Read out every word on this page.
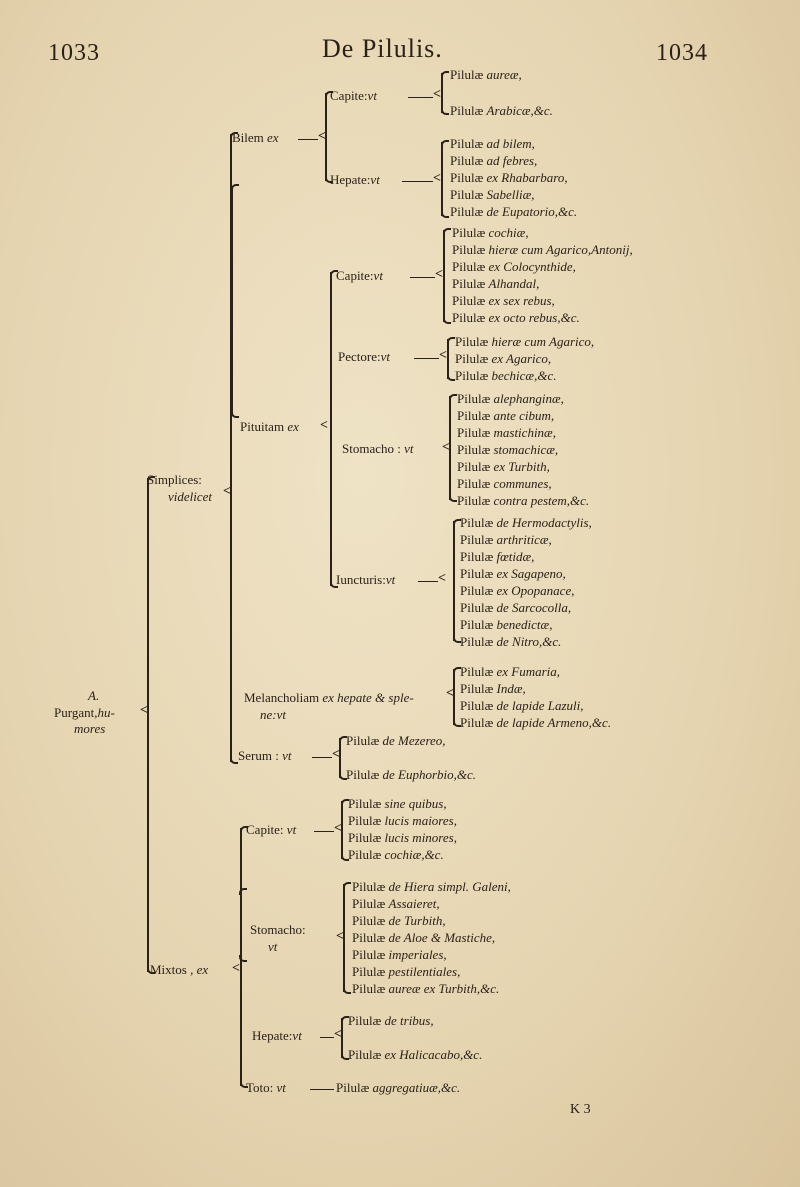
1033	De Pilulis.	1034
A.
Purgant,hu-
mores
<
Simplices:
videlicet <
Bilem ex	<
Capite:vt	<
Pilulæ aureæ,
Pilulæ Arabicæ,&c.
Hepate:vt	<
Pilulæ ad bilem,
Pilulæ ad febres,
Pilulæ ex Rhabarbaro,
Pilulæ Sabelliæ,
Pilulæ de Eupatorio,&c.
Pituitam ex <
Capite:vt	<
Pilulæ cochiæ,
Pilulæ hieræ cum Agarico,Antonij,
Pilulæ ex Colocynthide,
Pilulæ Alhandal,
Pilulæ ex sex rebus,
Pilulæ ex octo rebus,&c.
Pectore:vt	<
Pilulæ hieræ cum Agarico,
Pilulæ ex Agarico,
Pilulæ bechicæ,&c.
Stomacho : vt <
Pilulæ alephanginæ,
Pilulæ ante cibum,
Pilulæ mastichinæ,
Pilulæ stomachicæ,
Pilulæ ex Turbith,
Pilulæ communes,
Pilulæ contra pestem,&c.
Iuncturis:vt	<
Pilulæ de Hermodactylis,
Pilulæ arthriticæ,
Pilulæ fœtidæ,
Pilulæ ex Sagapeno,
Pilulæ ex Opopanace,
Pilulæ de Sarcocolla,
Pilulæ benedictæ,
Pilulæ de Nitro,&c.
Melancholiam ex hepate & sple-
ne:vt
<
Pilulæ ex Fumaria,
Pilulæ Indæ,
Pilulæ de lapide Lazuli,
Pilulæ de lapide Armeno,&c.
Serum : vt	<
Pilulæ de Mezereo,
Pilulæ de Euphorbio,&c.
Mixtos , ex <
Capite: vt	<
Pilulæ sine quibus,
Pilulæ lucis maiores,
Pilulæ lucis minores,
Pilulæ cochiæ,&c.
Stomacho:
vt
<
Pilulæ de Hiera simpl. Galeni,
Pilulæ Assaieret,
Pilulæ de Turbith,
Pilulæ de Aloe & Mastiche,
Pilulæ imperiales,
Pilulæ pestilentiales,
Pilulæ aureæ ex Turbith,&c.
Hepate:vt <
Pilulæ de tribus,
Pilulæ ex Halicacabo,&c.
Toto: vt	Pilulæ aggregatiuæ,&c.
K 3
